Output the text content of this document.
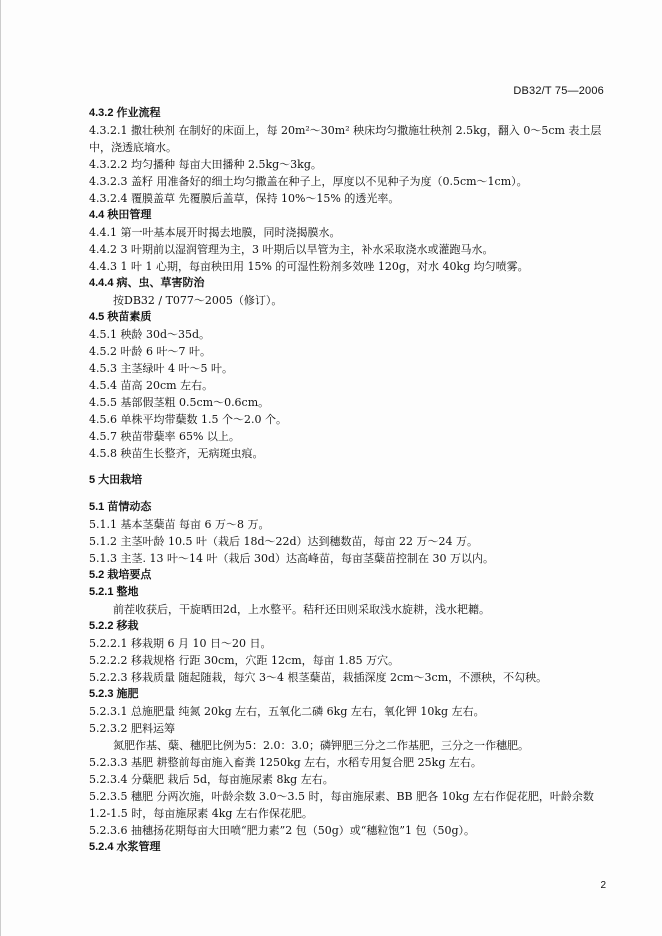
DB32/T 75—2006
4.3.2 作业流程
4.3.2.1 撒壮秧剂 在制好的床面上，每 20m²～30m² 秧床均匀撒施壮秧剂 2.5kg，翻入 0～5cm 表土层中，浇透底墒水。
4.3.2.2 均匀播种 每亩大田播种 2.5kg～3kg。
4.3.2.3 盖籽 用准备好的细土均匀撒盖在种子上，厚度以不见种子为度（0.5cm～1cm）。
4.3.2.4 覆膜盖草 先覆膜后盖草，保持 10%～15% 的透光率。
4.4 秧田管理
4.4.1 第一叶基本展开时揭去地膜，同时浇揭膜水。
4.4.2 3 叶期前以湿润管理为主，3 叶期后以旱管为主，补水采取浇水或灌跑马水。
4.4.3 1 叶 1 心期，每亩秧田用 15% 的可湿性粉剂多效唑 120g，对水 40kg 均匀喷雾。
4.4.4 病、虫、草害防治
按DB32 / T077～2005（修订）。
4.5 秧苗素质
4.5.1 秧龄 30d～35d。
4.5.2 叶龄 6 叶～7 叶。
4.5.3 主茎绿叶 4 叶～5 叶。
4.5.4 苗高 20cm 左右。
4.5.5 基部假茎粗 0.5cm～0.6cm。
4.5.6 单株平均带蘖数 1.5 个～2.0 个。
4.5.7 秧苗带蘖率 65% 以上。
4.5.8 秧苗生长整齐，无病斑虫痕。
5 大田栽培
5.1 苗情动态
5.1.1 基本茎蘖苗 每亩 6 万～8 万。
5.1.2 主茎叶龄 10.5 叶（栽后 18d～22d）达到穗数苗，每亩 22 万～24 万。
5.1.3 主茎. 13 叶～14 叶（栽后 30d）达高峰苗，每亩茎蘖苗控制在 30 万以内。
5.2 栽培要点
5.2.1 整地
前茬收获后，干旋晒田2d，上水整平。秸秆还田则采取浅水旋耕，浅水耙耱。
5.2.2 移栽
5.2.2.1 移栽期 6 月 10 日～20 日。
5.2.2.2 移栽规格 行距 30cm，穴距 12cm，每亩 1.85 万穴。
5.2.2.3 移栽质量 随起随栽，每穴 3～4 根茎蘖苗，栽插深度 2cm～3cm，不漂秧，不勾秧。
5.2.3 施肥
5.2.3.1 总施肥量 纯氮 20kg 左右，五氧化二磷 6kg 左右，氧化钾 10kg 左右。
5.2.3.2 肥料运筹
氮肥作基、蘖、穗肥比例为5：2.0：3.0；磷钾肥三分之二作基肥，三分之一作穗肥。
5.2.3.3 基肥 耕整前每亩施入畜粪 1250kg 左右，水稻专用复合肥 25kg 左右。
5.2.3.4 分蘖肥 栽后 5d，每亩施尿素 8kg 左右。
5.2.3.5 穗肥 分两次施，叶龄余数 3.0～3.5 时，每亩施尿素、BB 肥各 10kg 左右作促花肥，叶龄余数 1.2-1.5 时，每亩施尿素 4kg 左右作保花肥。
5.2.3.6 抽穗扬花期每亩大田喷“肥力素”2 包（50g）或“穗粒饱”1 包（50g）。
5.2.4 水浆管理
2
